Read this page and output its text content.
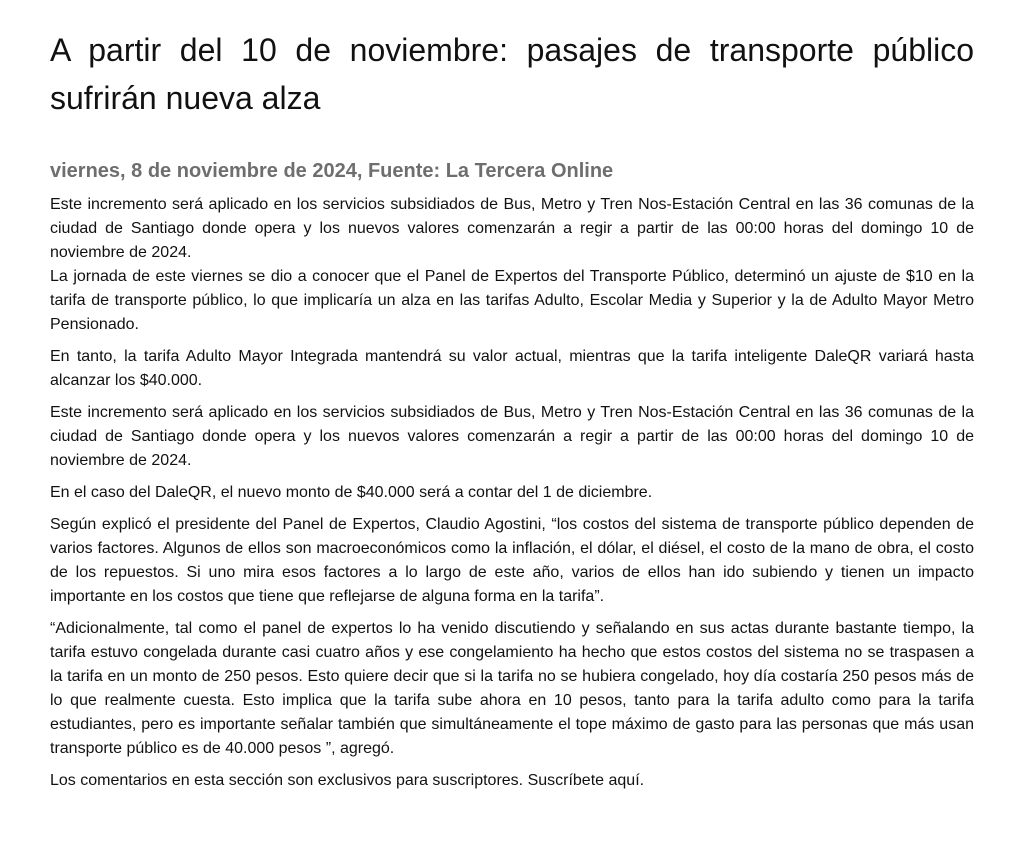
A partir del 10 de noviembre: pasajes de transporte público sufrirán nueva alza
viernes, 8 de noviembre de 2024, Fuente: La Tercera Online

Este incremento será aplicado en los servicios subsidiados de Bus, Metro y Tren Nos-Estación Central en las 36 comunas de la ciudad de Santiago donde opera y los nuevos valores comenzarán a regir a partir de las 00:00 horas del domingo 10 de noviembre de 2024.

La jornada de este viernes se dio a conocer que el Panel de Expertos del Transporte Público, determinó un ajuste de $10 en la tarifa de transporte público, lo que implicaría un alza en las tarifas Adulto, Escolar Media y Superior y la de Adulto Mayor Metro Pensionado.

En tanto, la tarifa Adulto Mayor Integrada mantendrá su valor actual, mientras que la tarifa inteligente DaleQR variará hasta alcanzar los $40.000.

Este incremento será aplicado en los servicios subsidiados de Bus, Metro y Tren Nos-Estación Central en las 36 comunas de la ciudad de Santiago donde opera y los nuevos valores comenzarán a regir a partir de las 00:00 horas del domingo 10 de noviembre de 2024.

En el caso del DaleQR, el nuevo monto de $40.000 será a contar del 1 de diciembre.

Según explicó el presidente del Panel de Expertos, Claudio Agostini, “los costos del sistema de transporte público dependen de varios factores. Algunos de ellos son macroeconómicos como la inflación, el dólar, el diésel, el costo de la mano de obra, el costo de los repuestos. Si uno mira esos factores a lo largo de este año, varios de ellos han ido subiendo y tienen un impacto importante en los costos que tiene que reflejarse de alguna forma en la tarifa”.

“Adicionalmente, tal como el panel de expertos lo ha venido discutiendo y señalando en sus actas durante bastante tiempo, la tarifa estuvo congelada durante casi cuatro años y ese congelamiento ha hecho que estos costos del sistema no se traspasen a la tarifa en un monto de 250 pesos. Esto quiere decir que si la tarifa no se hubiera congelado, hoy día costaría 250 pesos más de lo que realmente cuesta. Esto implica que la tarifa sube ahora en 10 pesos, tanto para la tarifa adulto como para la tarifa estudiantes, pero es importante señalar también que simultáneamente el tope máximo de gasto para las personas que más usan transporte público es de 40.000 pesos ”, agregó.

Los comentarios en esta sección son exclusivos para suscriptores. Suscríbete aquí.
